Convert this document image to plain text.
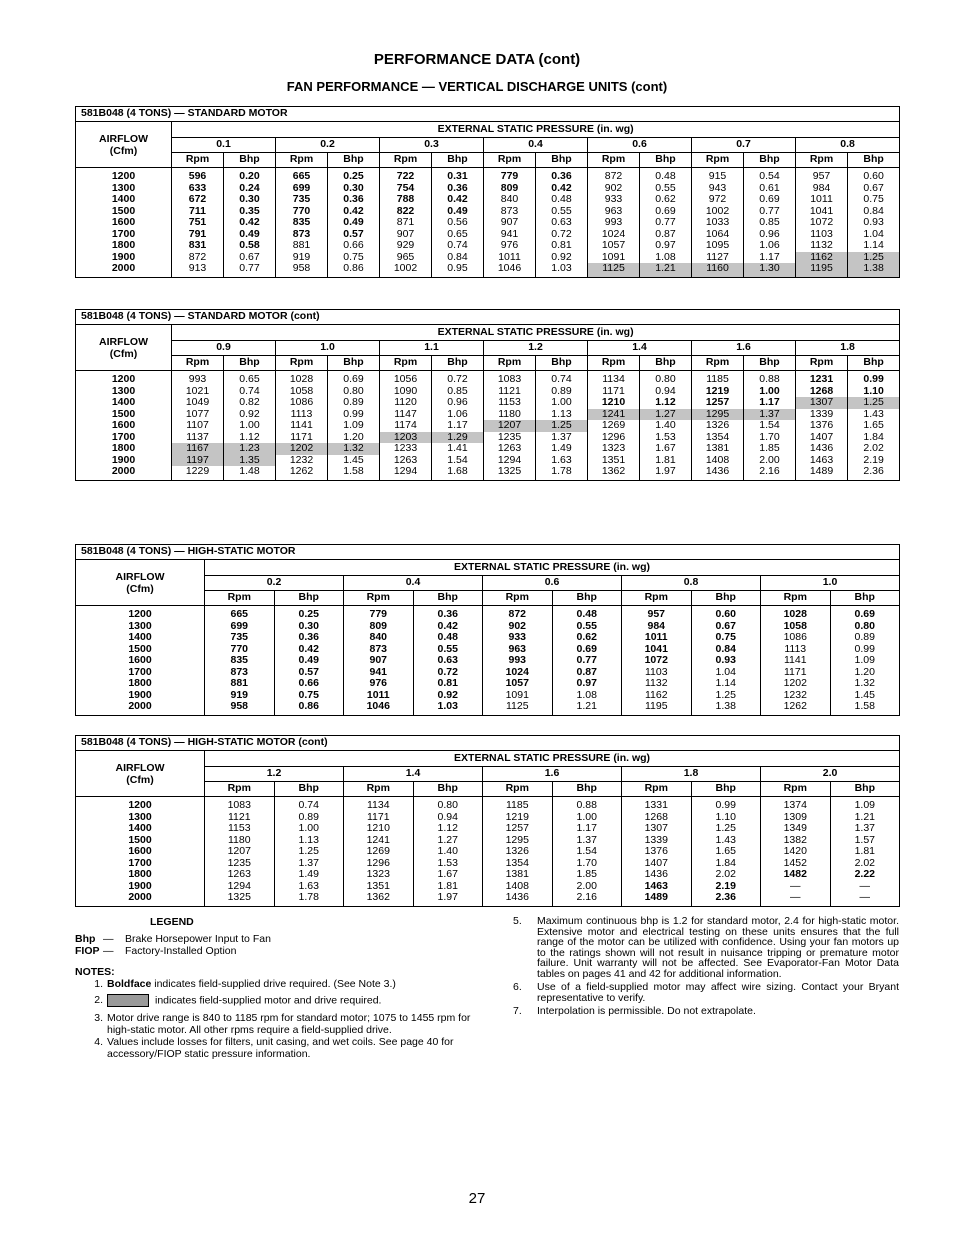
PERFORMANCE DATA (cont)
FAN PERFORMANCE — VERTICAL DISCHARGE UNITS (cont)
581B048 (4 TONS) — STANDARD MOTOR														
AIRFLOW
(Cfm)	EXTERNAL STATIC PRESSURE (in. wg)													
	0.1		0.2		0.3		0.4		0.6		0.7		0.8	
	Rpm	Bhp	Rpm	Bhp	Rpm	Bhp	Rpm	Bhp	Rpm	Bhp	Rpm	Bhp	Rpm	Bhp
1200	596	0.20	665	0.25	722	0.31	779	0.36	872	0.48	915	0.54	957	0.60
1300	633	0.24	699	0.30	754	0.36	809	0.42	902	0.55	943	0.61	984	0.67
1400	672	0.30	735	0.36	788	0.42	840	0.48	933	0.62	972	0.69	1011	0.75
1500	711	0.35	770	0.42	822	0.49	873	0.55	963	0.69	1002	0.77	1041	0.84
1600	751	0.42	835	0.49	871	0.56	907	0.63	993	0.77	1033	0.85	1072	0.93
1700	791	0.49	873	0.57	907	0.65	941	0.72	1024	0.87	1064	0.96	1103	1.04
1800	831	0.58	881	0.66	929	0.74	976	0.81	1057	0.97	1095	1.06	1132	1.14
1900	872	0.67	919	0.75	965	0.84	1011	0.92	1091	1.08	1127	1.17	1162	1.25
2000	913	0.77	958	0.86	1002	0.95	1046	1.03	1125	1.21	1160	1.30	1195	1.38
581B048 (4 TONS) — STANDARD MOTOR (cont)														
AIRFLOW
(Cfm)	EXTERNAL STATIC PRESSURE (in. wg)													
	0.9		1.0		1.1		1.2		1.4		1.6		1.8	
	Rpm	Bhp	Rpm	Bhp	Rpm	Bhp	Rpm	Bhp	Rpm	Bhp	Rpm	Bhp	Rpm	Bhp
1200	993	0.65	1028	0.69	1056	0.72	1083	0.74	1134	0.80	1185	0.88	1231	0.99
1300	1021	0.74	1058	0.80	1090	0.85	1121	0.89	1171	0.94	1219	1.00	1268	1.10
1400	1049	0.82	1086	0.89	1120	0.96	1153	1.00	1210	1.12	1257	1.17	1307	1.25
1500	1077	0.92	1113	0.99	1147	1.06	1180	1.13	1241	1.27	1295	1.37	1339	1.43
1600	1107	1.00	1141	1.09	1174	1.17	1207	1.25	1269	1.40	1326	1.54	1376	1.65
1700	1137	1.12	1171	1.20	1203	1.29	1235	1.37	1296	1.53	1354	1.70	1407	1.84
1800	1167	1.23	1202	1.32	1233	1.41	1263	1.49	1323	1.67	1381	1.85	1436	2.02
1900	1197	1.35	1232	1.45	1263	1.54	1294	1.63	1351	1.81	1408	2.00	1463	2.19
2000	1229	1.48	1262	1.58	1294	1.68	1325	1.78	1362	1.97	1436	2.16	1489	2.36
581B048 (4 TONS) — HIGH-STATIC MOTOR										
AIRFLOW
(Cfm)	EXTERNAL STATIC PRESSURE (in. wg)									
	0.2		0.4		0.6		0.8		1.0	
	Rpm	Bhp	Rpm	Bhp	Rpm	Bhp	Rpm	Bhp	Rpm	Bhp
1200	665	0.25	779	0.36	872	0.48	957	0.60	1028	0.69
1300	699	0.30	809	0.42	902	0.55	984	0.67	1058	0.80
1400	735	0.36	840	0.48	933	0.62	1011	0.75	1086	0.89
1500	770	0.42	873	0.55	963	0.69	1041	0.84	1113	0.99
1600	835	0.49	907	0.63	993	0.77	1072	0.93	1141	1.09
1700	873	0.57	941	0.72	1024	0.87	1103	1.04	1171	1.20
1800	881	0.66	976	0.81	1057	0.97	1132	1.14	1202	1.32
1900	919	0.75	1011	0.92	1091	1.08	1162	1.25	1232	1.45
2000	958	0.86	1046	1.03	1125	1.21	1195	1.38	1262	1.58
581B048 (4 TONS) — HIGH-STATIC MOTOR (cont)										
AIRFLOW
(Cfm)	EXTERNAL STATIC PRESSURE (in. wg)									
	1.2		1.4		1.6		1.8		2.0	
	Rpm	Bhp	Rpm	Bhp	Rpm	Bhp	Rpm	Bhp	Rpm	Bhp
1200	1083	0.74	1134	0.80	1185	0.88	1331	0.99	1374	1.09
1300	1121	0.89	1171	0.94	1219	1.00	1268	1.10	1309	1.21
1400	1153	1.00	1210	1.12	1257	1.17	1307	1.25	1349	1.37
1500	1180	1.13	1241	1.27	1295	1.37	1339	1.43	1382	1.57
1600	1207	1.25	1269	1.40	1326	1.54	1376	1.65	1420	1.81
1700	1235	1.37	1296	1.53	1354	1.70	1407	1.84	1452	2.02
1800	1263	1.49	1323	1.67	1381	1.85	1436	2.02	1482	2.22
1900	1294	1.63	1351	1.81	1408	2.00	1463	2.19	—	—
2000	1325	1.78	1362	1.97	1436	2.16	1489	2.36	—	—
LEGEND
Bhp —	Brake Horsepower Input to Fan
FIOP —	Factory-Installed Option
NOTES:
1. Boldface indicates field-supplied drive required. (See Note 3.)
2.	indicates field-supplied motor and drive required.
3. Motor drive range is 840 to 1185 rpm for standard motor; 1075 to 1455 rpm for high-static motor. All other rpms require a field-supplied drive.
4. Values include losses for filters, unit casing, and wet coils. See page 40 for accessory/FIOP static pressure information.
5.	Maximum continuous bhp is 1.2 for standard motor, 2.4 for high-static motor. Extensive motor and electrical testing on these units ensures that the full range of the motor can be utilized with confidence. Using your fan motors up to the ratings shown will not result in nuisance tripping or premature motor failure. Unit warranty will not be affected. See Evaporator-Fan Motor Data tables on pages 41 and 42 for additional information.
6.	Use of a field-supplied motor may affect wire sizing. Contact your Bryant representative to verify.
7.	Interpolation is permissible. Do not extrapolate.
27
